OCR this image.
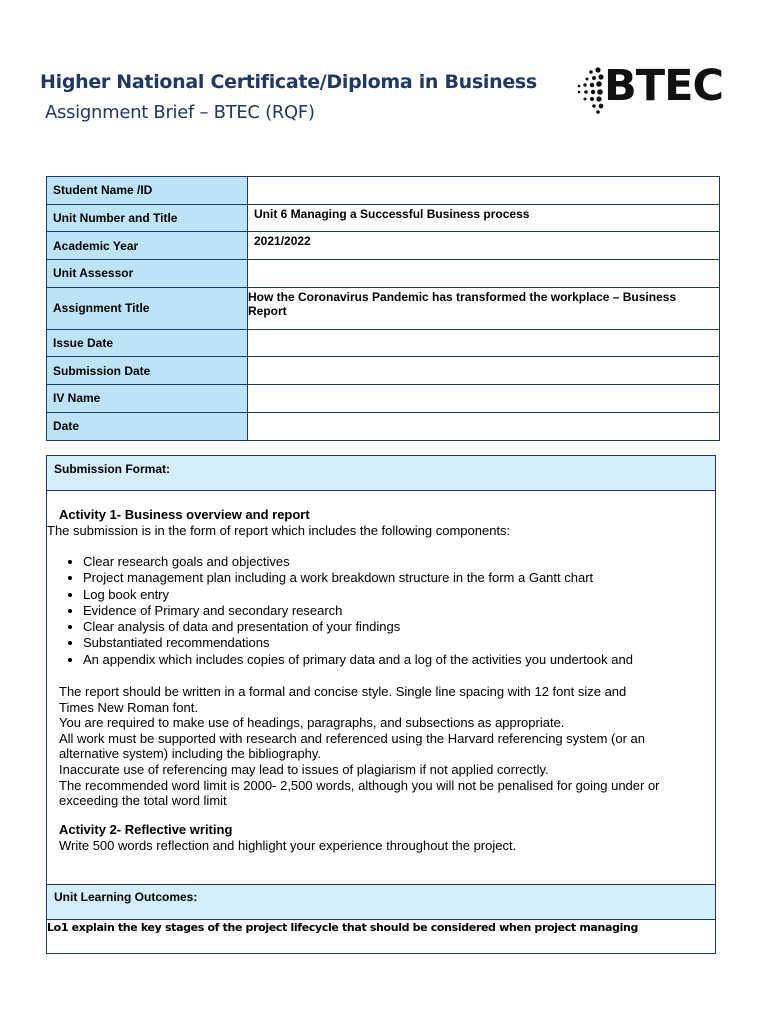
Higher National Certificate/Diploma in Business
Assignment Brief – BTEC (RQF)
BTEC
Student Name /ID	
Unit Number and Title	Unit 6 Managing a Successful Business process
Academic Year	2021/2022
Unit Assessor	
Assignment Title	How the Coronavirus Pandemic has transformed the workplace – Business Report
Issue Date	
Submission Date	
IV Name	
Date	
Submission Format:
Activity 1- Business overview and report
The submission is in the form of report which includes the following components:
• Clear research goals and objectives
• Project management plan including a work breakdown structure in the form a Gantt chart
• Log book entry
• Evidence of Primary and secondary research
• Clear analysis of data and presentation of your findings
• Substantiated recommendations
• An appendix which includes copies of primary data and a log of the activities you undertook and
The report should be written in a formal and concise style. Single line spacing with 12 font size and
Times New Roman font.
You are required to make use of headings, paragraphs, and subsections as appropriate.
All work must be supported with research and referenced using the Harvard referencing system (or an
alternative system) including the bibliography.
Inaccurate use of referencing may lead to issues of plagiarism if not applied correctly.
The recommended word limit is 2000- 2,500 words, although you will not be penalised for going under or
exceeding the total word limit
Activity 2- Reflective writing
Write 500 words reflection and highlight your experience throughout the project.
Unit Learning Outcomes:
Lo1 explain the key stages of the project lifecycle that should be considered when project managing
